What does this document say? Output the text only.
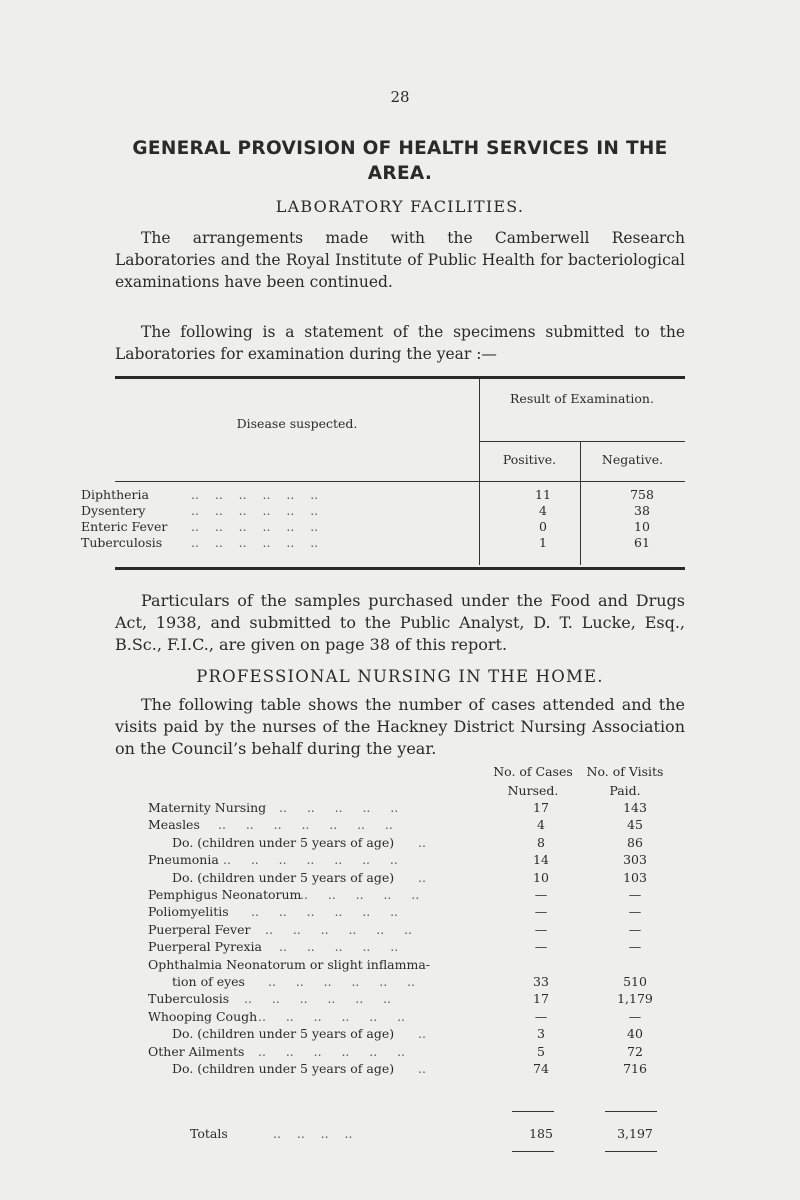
28
GENERAL PROVISION OF HEALTH SERVICES IN THE AREA.
LABORATORY FACILITIES.
The arrangements made with the Camberwell Research Laboratories and the Royal Institute of Public Health for bacteriological examinations have been continued.
The following is a statement of the specimens submitted to the Laboratories for examination during the year :—
Disease suspected.
Result of Examination.
Positive.	Negative.
Diphtheria	..    ..    ..    ..    ..    ..	11	758
Dysentery	..    ..    ..    ..    ..    ..	4	38
Enteric Fever ..    ..    ..    ..    ..    ..	0	10
Tuberculosis ..    ..    ..    ..    ..    ..	1	61
Particulars of the samples purchased under the Food and Drugs Act, 1938, and submitted to the Public Analyst, D. T. Lucke, Esq., B.Sc., F.I.C., are given on page 38 of this report.
PROFESSIONAL NURSING IN THE HOME.
The following table shows the number of cases attended and the visits paid by the nurses of the Hackney District Nursing Association on the Council’s behalf during the year.
No. of Cases Nursed.
No. of Visits Paid.
Maternity Nursing ..     ..     ..     ..     ..	17	143
Measles ..     ..     ..     ..     ..     ..     ..	4	45
Do. (children under 5 years of age) ..	8	86
Pneumonia ..     ..     ..     ..     ..     ..     ..	14	303
Do. (children under 5 years of age) ..	10	103
Pemphigus Neonatorum
..     ..     ..     ..     ..	—	—
Poliomyelitis ..     ..     ..     ..     ..     ..	—	—
Puerperal Fever ..     ..     ..     ..     ..     ..	—	—
Puerperal Pyrexia ..     ..     ..     ..     ..	—	—
Ophthalmia Neonatorum or slight inflamma-
tion of eyes ..     ..     ..     ..     ..     ..	33	510
Tuberculosis ..     ..     ..     ..     ..     ..	17	1,179
Whooping Cough ..     ..     ..     ..     ..     ..	—	—
Do. (children under 5 years of age) ..	3	40
Other Ailments ..     ..     ..     ..     ..     ..	5	72
Do. (children under 5 years of age) ..	74	716
Totals	..    ..    ..    ..	185	3,197
